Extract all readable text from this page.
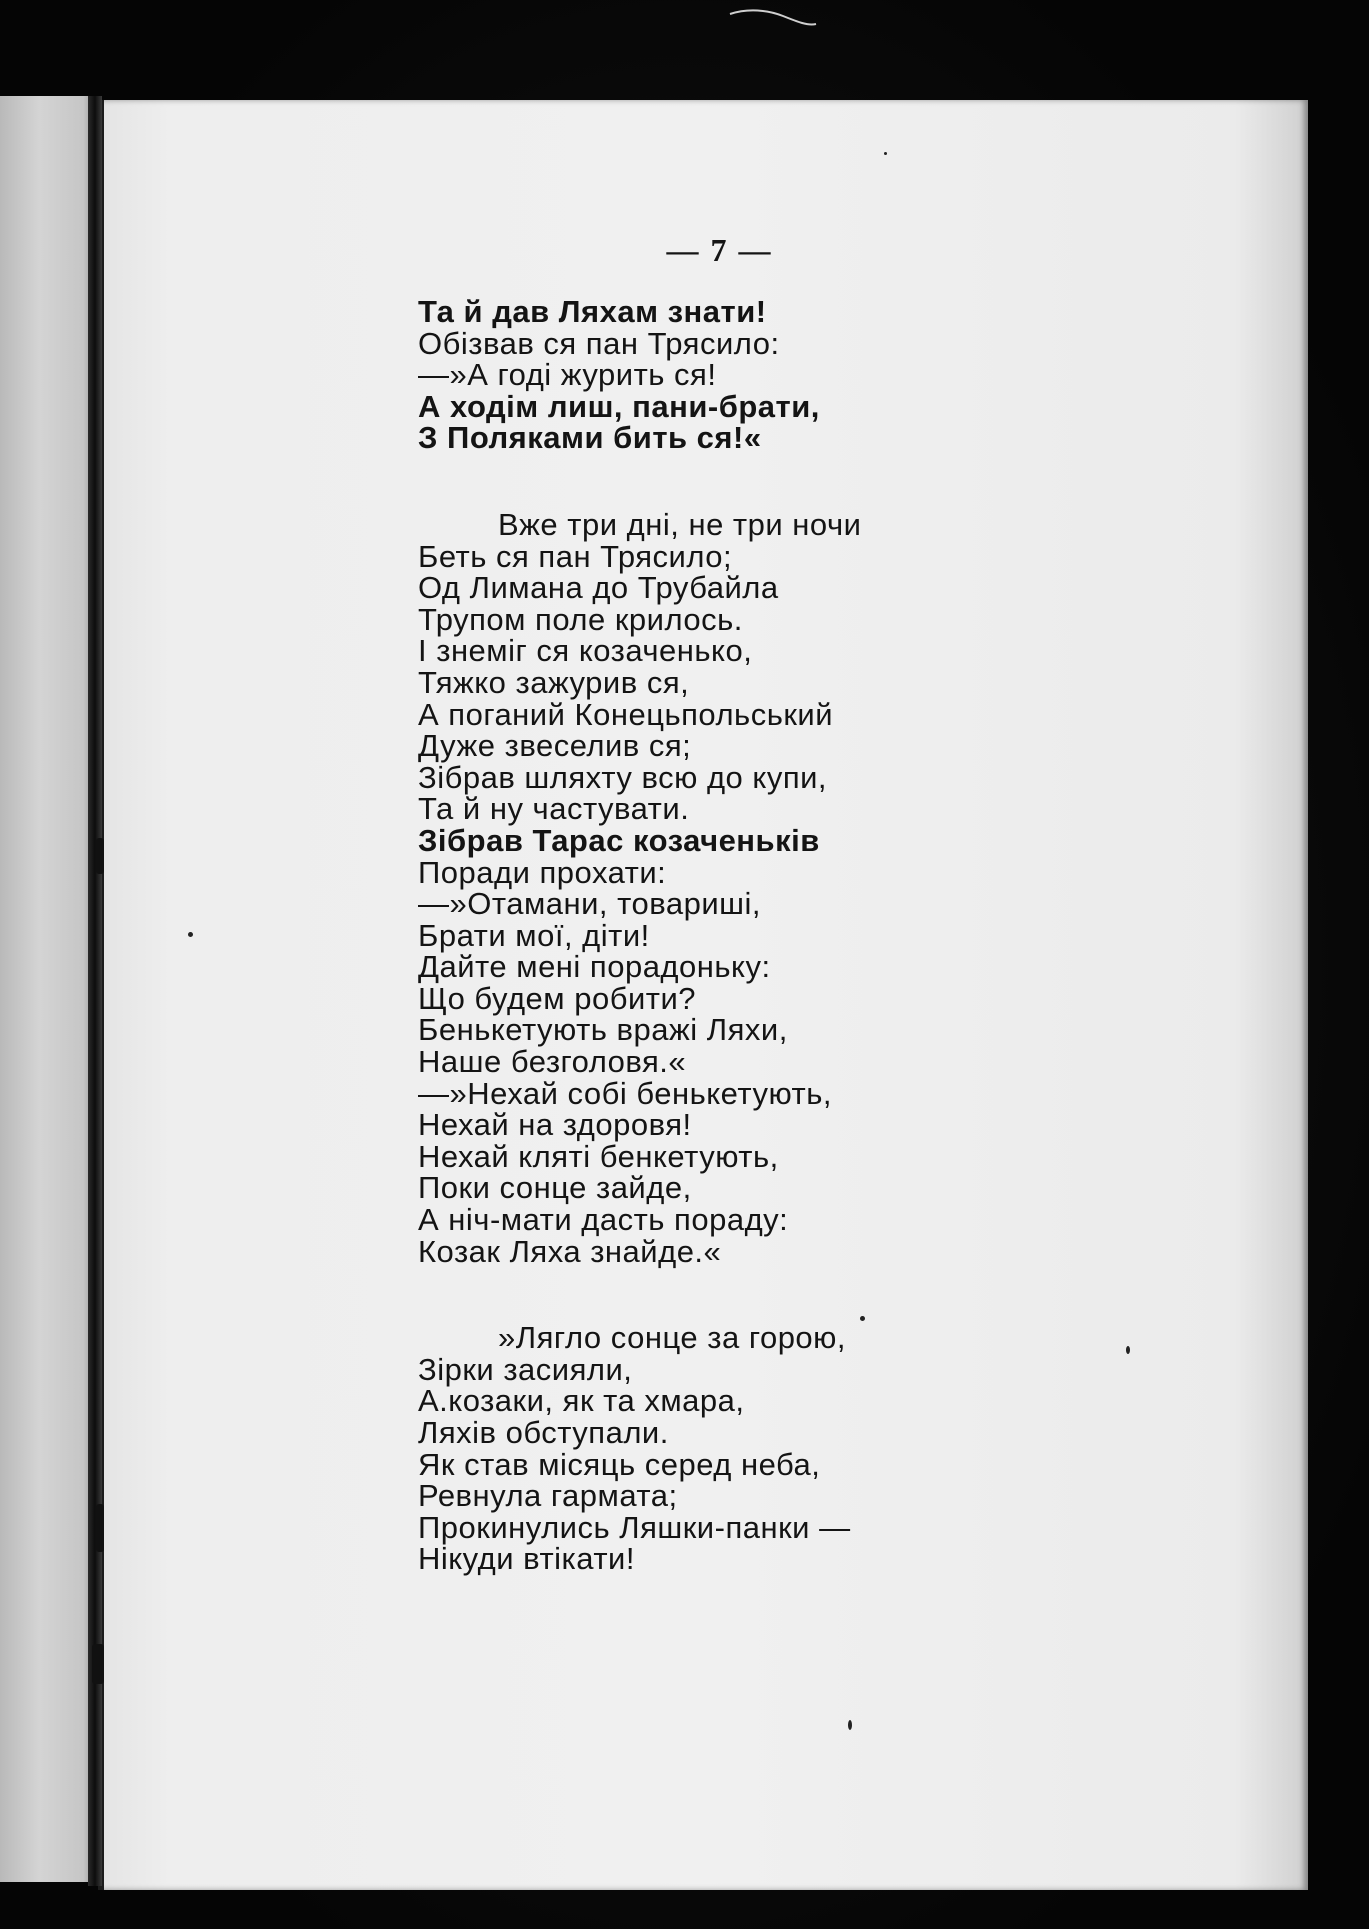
— 7 —
Та й дав Ляхам знати!
Обізвав ся пан Трясило:
—»А годі журить ся!
А ходім лиш, пани-брати,
З Поляками бить ся!«
Вже три дні, не три ночи
Беть ся пан Трясило;
Од Лимана до Трубайла
Трупом поле крилось.
І знеміг ся козаченько,
Тяжко зажурив ся,
А поганий Конецьпольський
Дуже звеселив ся;
Зібрав шляхту всю до купи,
Та й ну частувати.
Зібрав Тарас козаченьків
Поради прохати:
—»Отамани, товариші,
Брати мої, діти!
Дайте мені порадоньку:
Що будем робити?
Бенькетують вражі Ляхи,
Наше безголовя.«
—»Нехай собі бенькетують,
Нехай на здоровя!
Нехай кляті бенкетують,
Поки сонце зайде,
А ніч-мати дасть пораду:
Козак Ляха знайде.«
»Лягло сонце за горою,
Зірки засияли,
А.козаки, як та хмара,
Ляхів обступали.
Як став місяць серед неба,
Ревнула гармата;
Прокинулись Ляшки-панки —
Нікуди втікати!
